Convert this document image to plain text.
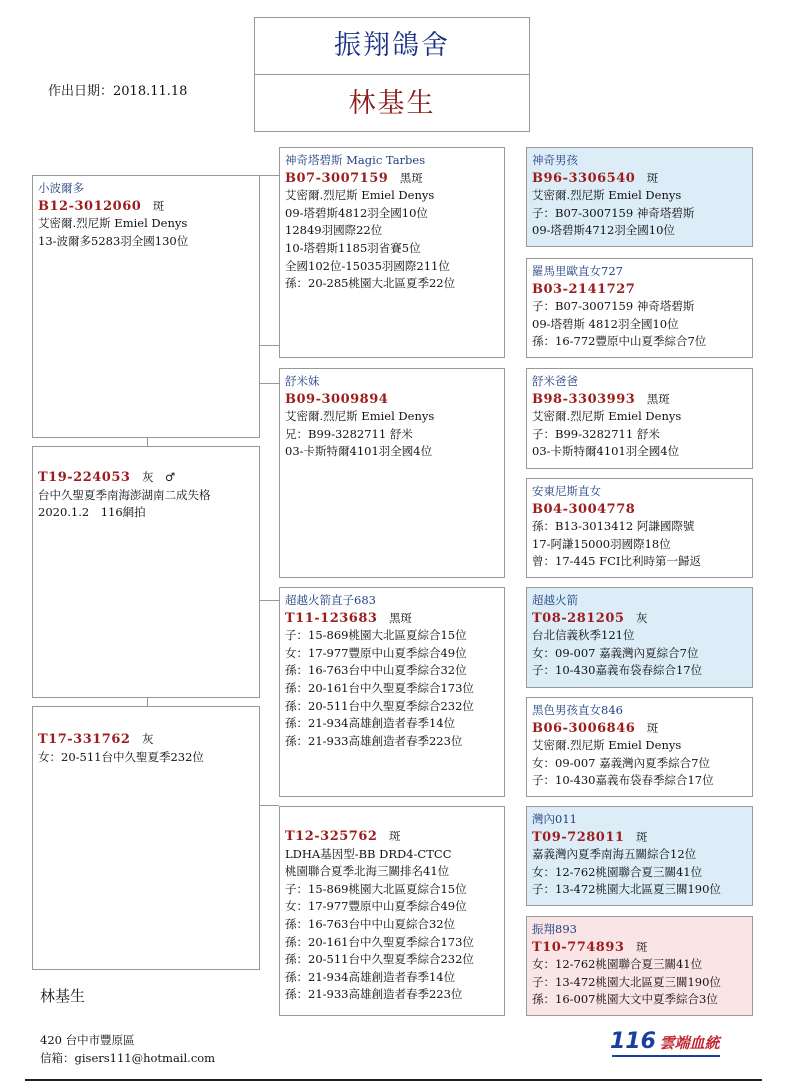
振翔鴿舍
林基生
作出日期：2018.11.18
小波爾多
B12-3012060　 斑
艾密爾.烈尼斯 Emiel Denys
13-波爾多5283羽全國130位
T19-224053　 灰　♂
台中久聖夏季南海澎湖南二成失格
2020.1.2　116網拍
T17-331762　 灰
女：20-511台中久聖夏季232位
神奇塔碧斯 Magic Tarbes
B07-3007159　 黑斑
艾密爾.烈尼斯 Emiel Denys
09-塔碧斯4812羽全國10位
12849羽國際22位
10-塔碧斯1185羽省賽5位
全國102位-15035羽國際211位
孫：20-285桃園大北區夏季22位
舒米妹
B09-3009894
艾密爾.烈尼斯 Emiel Denys
兄：B99-3282711 舒米
03-卡斯特爾4101羽全國4位
超越火箭直子683
T11-123683　 黑斑
子：15-869桃園大北區夏綜合15位
女：17-977豐原中山夏季綜合49位
孫：16-763台中中山夏季綜合32位
孫：20-161台中久聖夏季綜合173位
孫：20-511台中久聖夏季綜合232位
孫：21-934高雄創造者春季14位
孫：21-933高雄創造者春季223位
T12-325762　 斑
LDHA基因型-BB DRD4-CTCC
桃園聯合夏季北海三關排名41位
子：15-869桃園大北區夏綜合15位
女：17-977豐原中山夏季綜合49位
孫：16-763台中中山夏綜合32位
孫：20-161台中久聖夏季綜合173位
孫：20-511台中久聖夏季綜合232位
孫：21-934高雄創造者春季14位
孫：21-933高雄創造者春季223位
神奇男孩
B96-3306540　 斑
艾密爾.烈尼斯 Emiel Denys
子：B07-3007159 神奇塔碧斯
09-塔碧斯4712羽全國10位
羅馬里歐直女727
B03-2141727
子：B07-3007159 神奇塔碧斯
09-塔碧斯 4812羽全國10位
孫：16-772豐原中山夏季綜合7位
舒米爸爸
B98-3303993　 黑斑
艾密爾.烈尼斯 Emiel Denys
子：B99-3282711 舒米
03-卡斯特爾4101羽全國4位
安東尼斯直女
B04-3004778
孫：B13-3013412 阿謙國際號
17-阿謙15000羽國際18位
曾：17-445 FCI比利時第一歸返
超越火箭
T08-281205　 灰
台北信義秋季121位
女：09-007 嘉義灣內夏綜合7位
子：10-430嘉義布袋春綜合17位
黑色男孩直女846
B06-3006846　 斑
艾密爾.烈尼斯 Emiel Denys
女：09-007 嘉義灣內夏季綜合7位
子：10-430嘉義布袋春季綜合17位
灣內011
T09-728011　 斑
嘉義灣內夏季南海五關綜合12位
女：12-762桃園聯合夏三關41位
子：13-472桃園大北區夏三關190位
振翔893
T10-774893　 斑
女：12-762桃園聯合夏三關41位
子：13-472桃園大北區夏三關190位
孫：16-007桃園大文中夏季綜合3位
林基生
420 台中市豐原區
信箱：gisers111@hotmail.com
116 雲端血統
